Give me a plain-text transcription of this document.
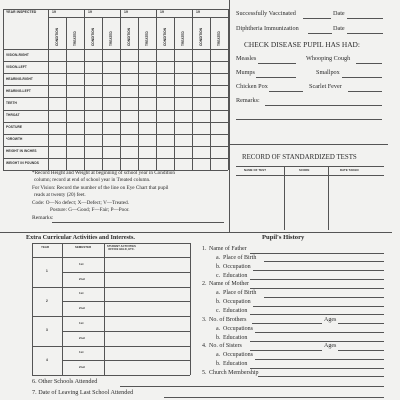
YEAR INSPECTED	19	19	19	19	19
CONDITION	TREATED	CONDITION	TREATED	CONDITION	TREATED	CONDITION	TREATED	CONDITION	TREATED
VISION-RIGHT
VISION-LEFT
HEARING-RIGHT
HEARING-LEFT
TEETH
THROAT
POSTURE
*GROWTH
HEIGHT IN INCHES
WEIGHT IN POUNDS
*Record Height and Weight at beginning of school year in Condition
column; record at end of school year in Treated column.
For Vision: Record the number of the line on Eye Chart that pupil
reads at twenty (20) feet.
Code: O—No defect; X—Defect; V—Treated.
Posture: G—Good; F—Fair; P—Poor.
Remarks:
Successfully Vaccinated	Date
Diphtheria Immunization	Date
CHECK DISEASE PUPIL HAS HAD:
Measles	Whooping Cough
Mumps	Smallpox
Chicken Pox	Scarlet Fever
Remarks:
RECORD OF STANDARDIZED TESTS
NAME OF TEST	SCORE	DATE TAKEN
Extra Curricular Activities and Interests.
YEAR	SEMESTER	STUDENT ACTIVITIES
OFFICE HELD, ETC.
1
1st
2nd
2
1st
2nd
3
1st
2nd
4
1st
2nd
Pupil's History
6. Other Schools Attended
7. Date of Leaving Last School Attended
1. Name of Father
a. Place of Birth
b. Occupation
c. Education
2. Name of Mother
a. Place of Birth
b. Occupation
c. Education
3. No. of Brothers	Ages
a. Occupations
b. Education
4. No. of Sisters	Ages
a. Occupations
b. Education
5. Church Membership
